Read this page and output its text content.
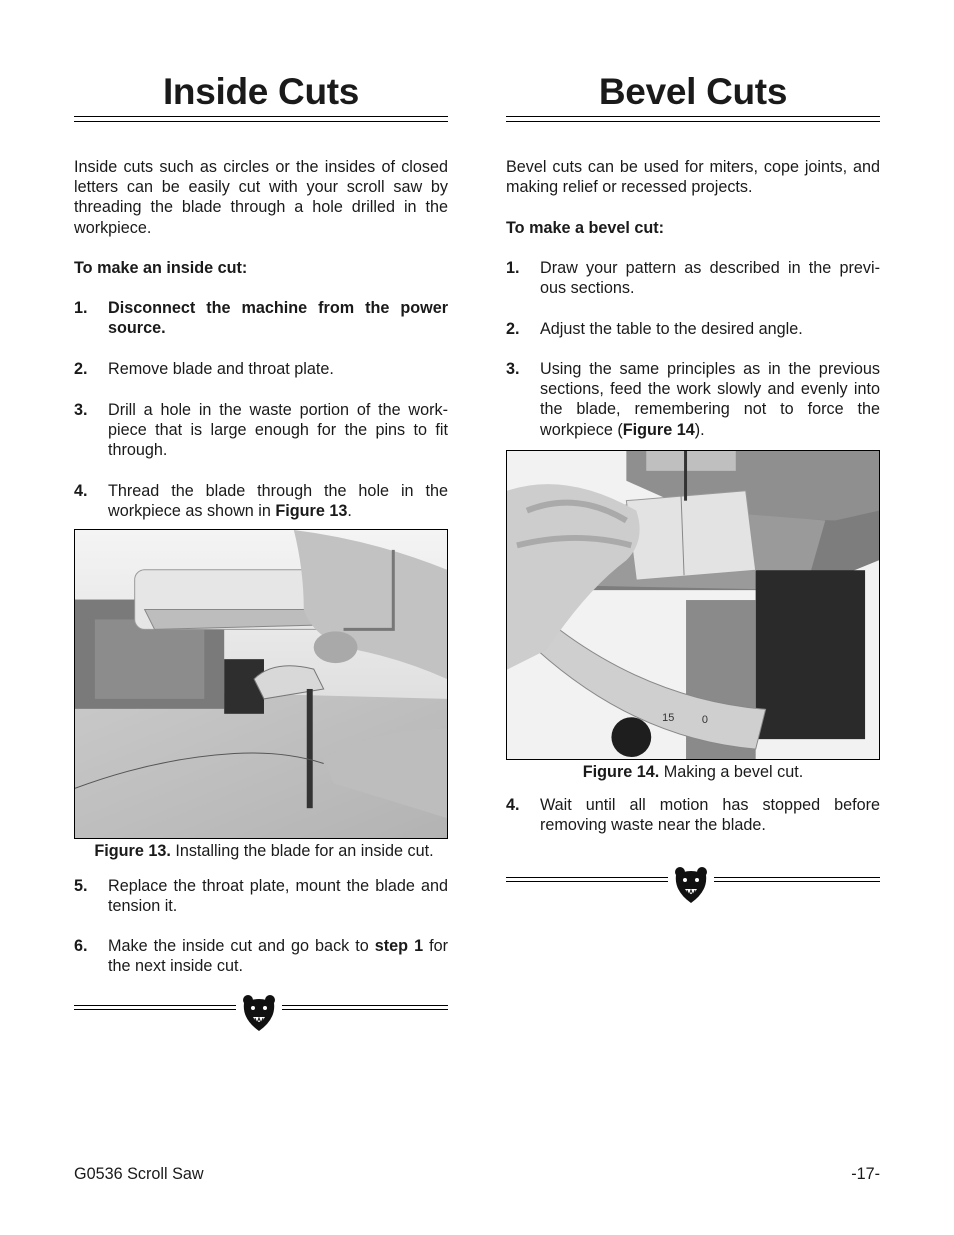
Inside Cuts

Inside cuts such as circles or the insides of closed letters can be easily cut with your scroll saw by threading the blade through a hole drilled in the workpiece.

To make an inside cut:

1. Disconnect the machine from the power source.
2. Remove blade and throat plate.
3. Drill a hole in the waste portion of the work-piece that is large enough for the pins to fit through.
4. Thread the blade through the hole in the workpiece as shown in Figure 13.
Figure 13. Installing the blade for an inside cut.
5. Replace the throat plate, mount the blade and tension it.
6. Make the inside cut and go back to step 1 for the next inside cut.
Bevel Cuts

Bevel cuts can be used for miters, cope joints, and making relief or recessed projects.

To make a bevel cut:

1. Draw your pattern as described in the previ-ous sections.
2. Adjust the table to the desired angle.
3. Using the same principles as in the previous sections, feed the work slowly and evenly into the blade, remembering not to force the workpiece (Figure 14).
15	0
Figure 14. Making a bevel cut.
4. Wait until all motion has stopped before removing waste near the blade.
G0536 Scroll Saw	-17-
